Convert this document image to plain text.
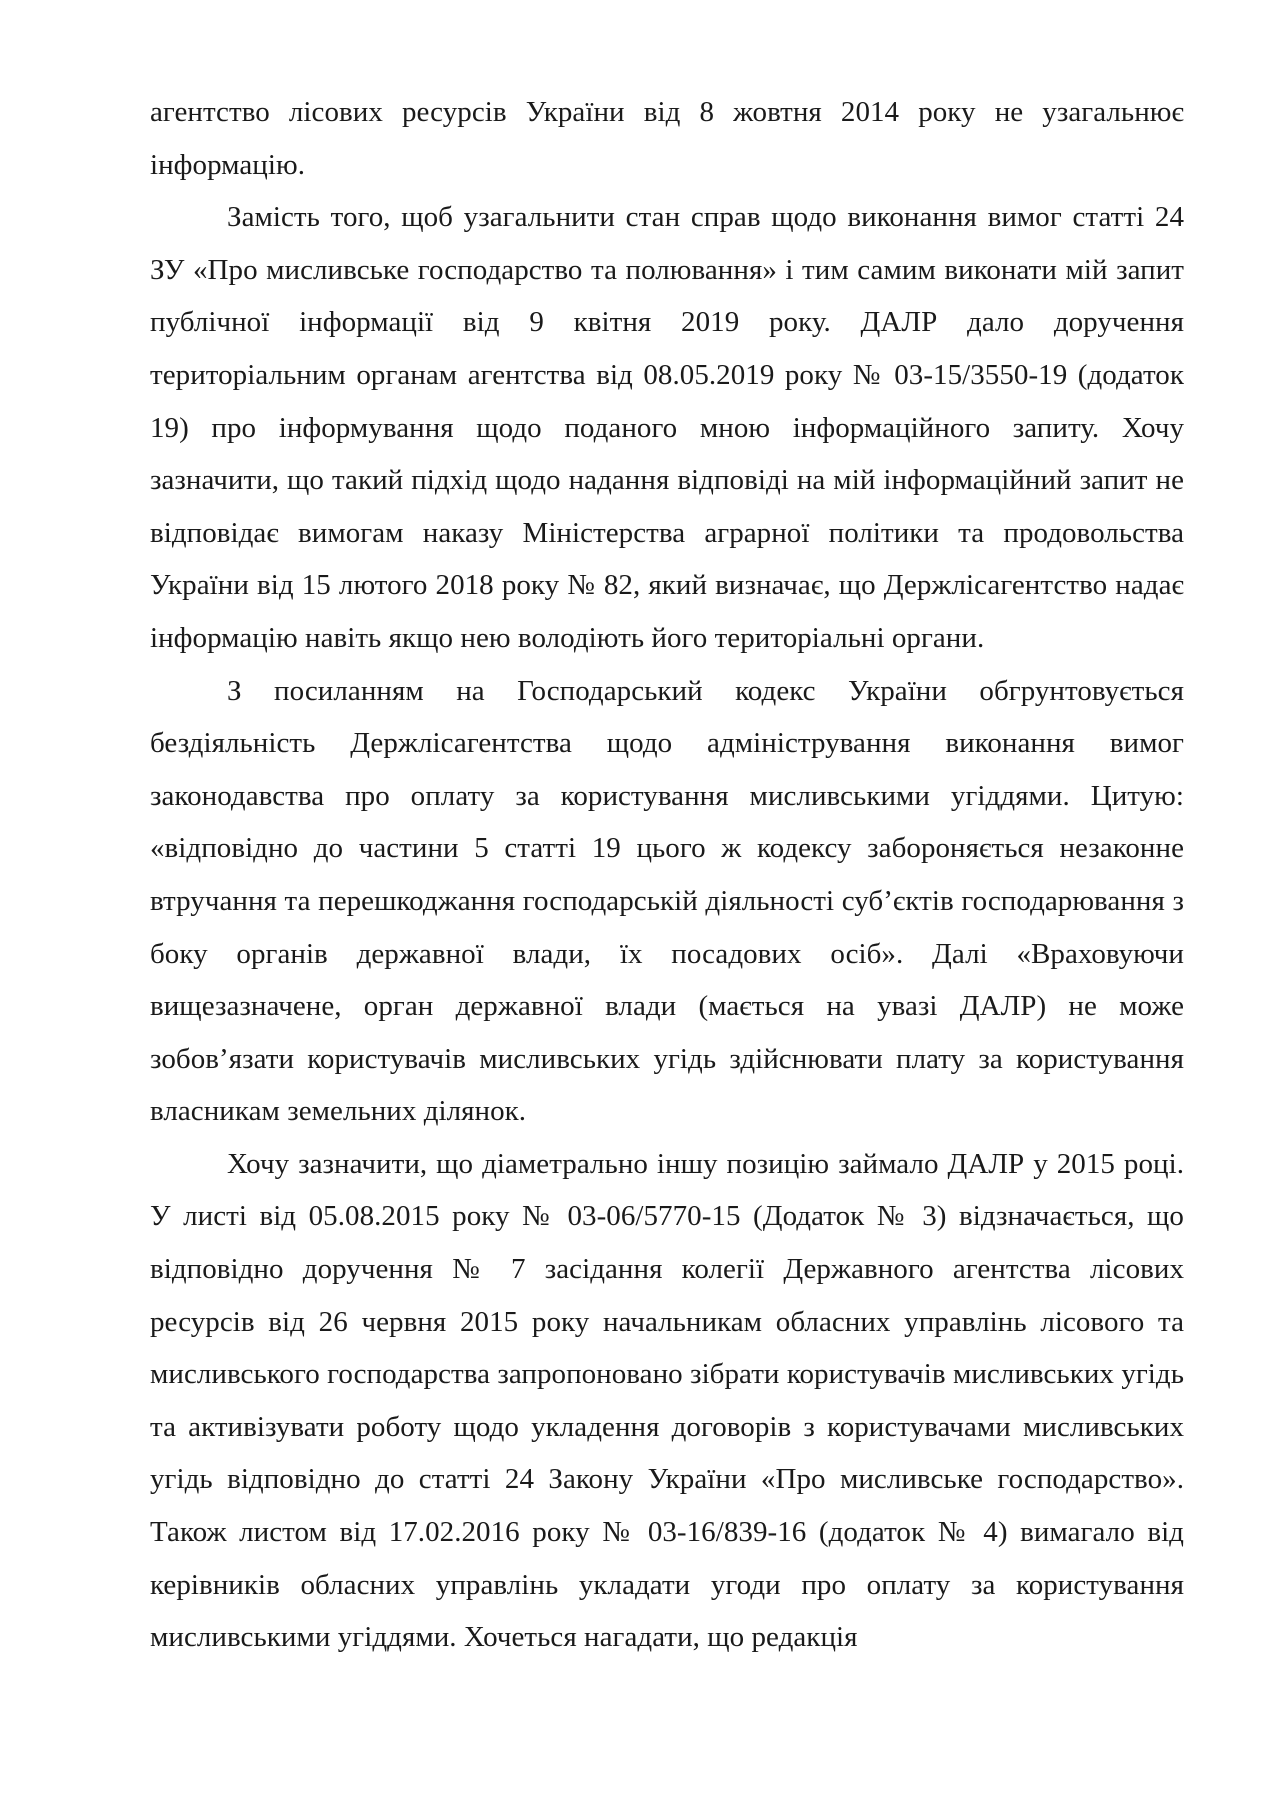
агентство лісових ресурсів України від 8 жовтня 2014 року не узагальнює інформацію.

Замість того, щоб узагальнити стан справ щодо виконання вимог статті 24 ЗУ «Про мисливське господарство та полювання» і тим самим виконати мій запит публічної інформації від 9 квітня 2019 року. ДАЛР дало доручення територіальним органам агентства від 08.05.2019 року № 03-15/3550-19 (додаток 19) про інформування щодо поданого мною інформаційного запиту. Хочу зазначити, що такий підхід щодо надання відповіді на мій інформаційний запит не відповідає вимогам наказу Міністерства аграрної політики та продовольства України від 15 лютого 2018 року № 82, який визначає, що Держлісагентство надає інформацію навіть якщо нею володіють його територіальні органи.

З посиланням на Господарський кодекс України обгрунтовується бездіяльність Держлісагентства щодо адміністрування виконання вимог законодавства про оплату за користування мисливськими угіддями. Цитую: «відповідно до частини 5 статті 19 цього ж кодексу забороняється незаконне втручання та перешкоджання господарській діяльності суб’єктів господарювання з боку органів державної влади, їх посадових осіб». Далі «Враховуючи вищезазначене, орган державної влади (мається на увазі ДАЛР) не може зобов’язати користувачів мисливських угідь здійснювати плату за користування власникам земельних ділянок.

Хочу зазначити, що діаметрально іншу позицію займало ДАЛР у 2015 році. У листі від 05.08.2015 року № 03-06/5770-15 (Додаток № 3) відзначається, що відповідно доручення № 7 засідання колегії Державного агентства лісових ресурсів від 26 червня 2015 року начальникам обласних управлінь лісового та мисливського господарства запропоновано зібрати користувачів мисливських угідь та активізувати роботу щодо укладення договорів з користувачами мисливських угідь відповідно до статті 24 Закону України «Про мисливське господарство». Також листом від 17.02.2016 року № 03-16/839-16 (додаток № 4) вимагало від керівників обласних управлінь укладати угоди про оплату за користування мисливськими угіддями. Хочеться нагадати, що редакція
